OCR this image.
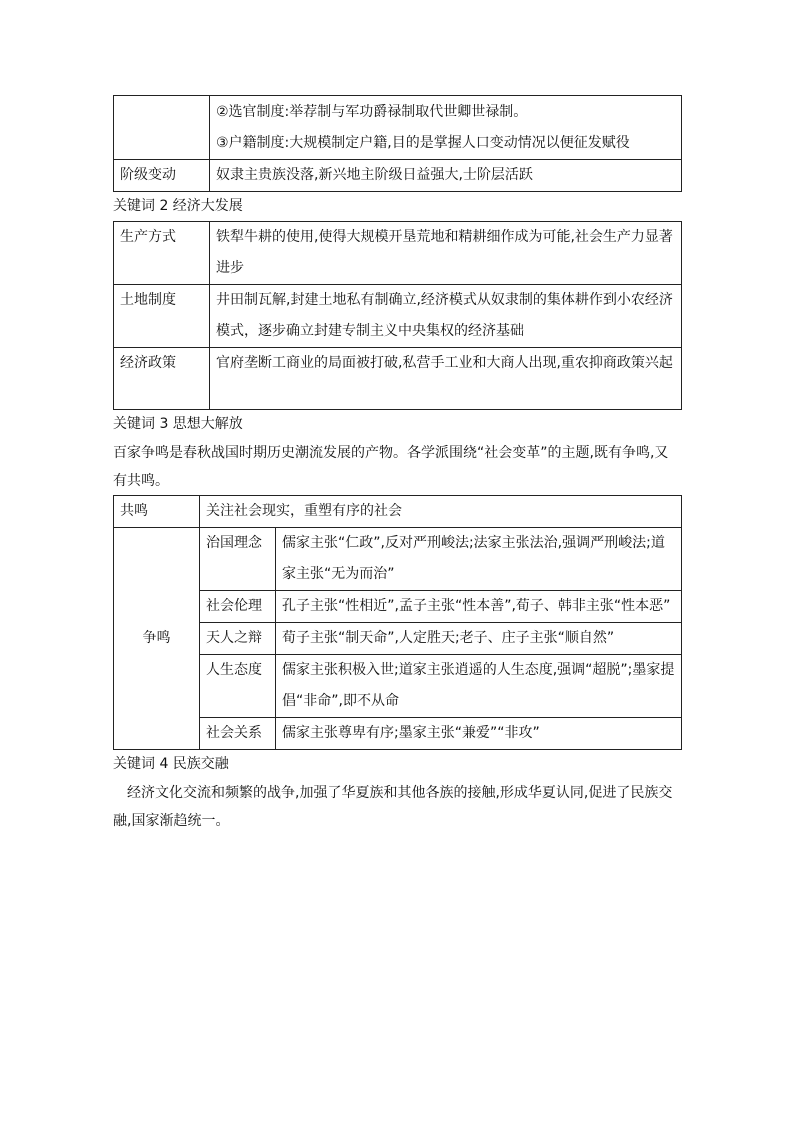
	②选官制度:举荐制与军功爵禄制取代世卿世禄制。
③户籍制度:大规模制定户籍,目的是掌握人口变动情况以便征发赋役

阶级变动	奴隶主贵族没落,新兴地主阶级日益强大,士阶层活跃

关键词 2 经济大发展

生产方式	铁犁牛耕的使用,使得大规模开垦荒地和精耕细作成为可能,社会生产力显著进步
土地制度	井田制瓦解,封建土地私有制确立,经济模式从奴隶制的集体耕作到小农经济模式，逐步确立封建专制主义中央集权的经济基础
经济政策	官府垄断工商业的局面被打破,私营手工业和大商人出现,重农抑商政策兴起

关键词 3 思想大解放

百家争鸣是春秋战国时期历史潮流发展的产物。各学派围绕“社会变革”的主题,既有争鸣,又有共鸣。

共鸣	关注社会现实，重塑有序的社会	
争鸣	治国理念	儒家主张“仁政”,反对严刑峻法;法家主张法治,强调严刑峻法;道家主张“无为而治”
	社会伦理	孔子主张“性相近”,孟子主张“性本善”,荀子、韩非主张“性本恶”
	天人之辩	荀子主张“制天命”,人定胜天;老子、庄子主张“顺自然”
	人生态度	儒家主张积极入世;道家主张逍遥的人生态度,强调“超脱”;墨家提倡“非命”,即不从命
	社会关系	儒家主张尊卑有序;墨家主张“兼爱”“非攻”

关键词 4 民族交融

经济文化交流和频繁的战争,加强了华夏族和其他各族的接触,形成华夏认同,促进了民族交融,国家渐趋统一。
